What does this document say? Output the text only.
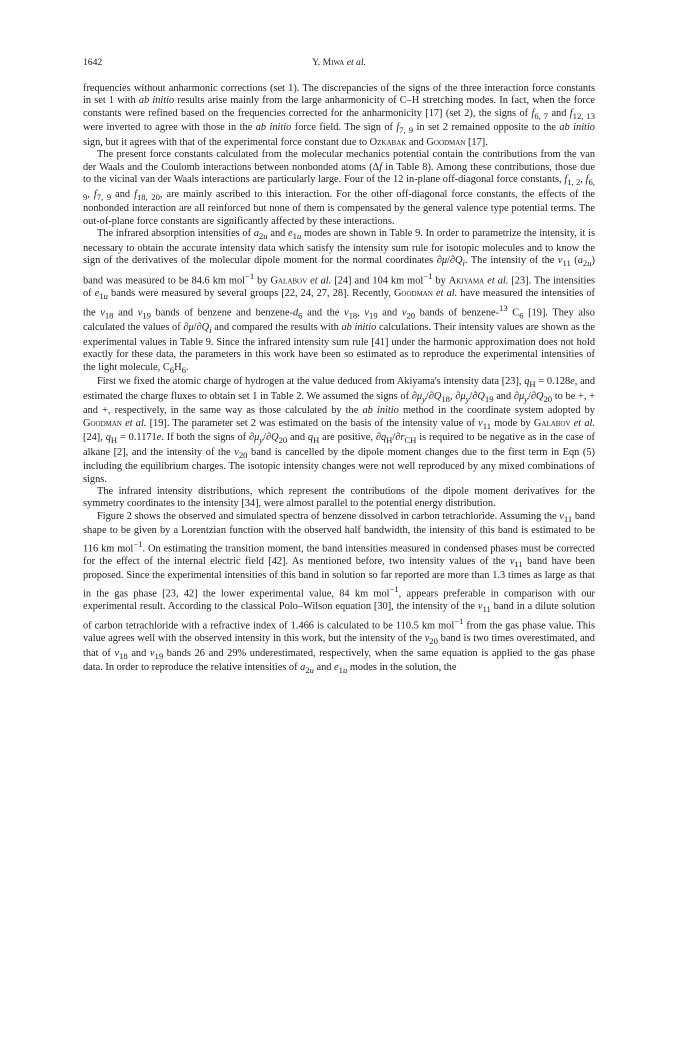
1642	Y. Miwa et al.

frequencies without anharmonic corrections (set 1). The discrepancies of the signs of the three interaction force constants in set 1 with ab initio results arise mainly from the large anharmonicity of C–H stretching modes. In fact, when the force constants were refined based on the frequencies corrected for the anharmonicity [17] (set 2), the signs of $f_{6, 7}$ and $f_{12, 13}$ were inverted to agree with those in the ab initio force field. The sign of $f_{7, 9}$ in set 2 remained opposite to the ab initio sign, but it agrees with that of the experimental force constant due to Ozkabak and Goodman [17].

The present force constants calculated from the molecular mechanics potential contain the contributions from the van der Waals and the Coulomb interactions between nonbonded atoms (Δf in Table 8). Among these contributions, those due to the vicinal van der Waals interactions are particularly large. Four of the 12 in-plane off-diagonal force constants, $f_{1, 2}$, $f_{6, 9}$, $f_{7, 9}$ and $f_{18, 20}$, are mainly ascribed to this interaction. For the other off-diagonal force constants, the effects of the nonbonded interaction are all reinforced but none of them is compensated by the general valence type potential terms. The out-of-plane force constants are significantly affected by these interactions.

The infrared absorption intensities of $a_{2u}$ and $e_{1u}$ modes are shown in Table 9. In order to parametrize the intensity, it is necessary to obtain the accurate intensity data which satisfy the intensity sum rule for isotopic molecules and to know the sign of the derivatives of the molecular dipole moment for the normal coordinates $\partial\mu/\partial Q_i$. The intensity of the $\nu_{11}$ $(a_{2u})$ band was measured to be 84.6 km mol$^{-1}$ by Galabov et al. [24] and 104 km mol$^{-1}$ by Akiyama et al. [23]. The intensities of $e_{1u}$ bands were measured by several groups [22, 24, 27, 28]. Recently, Goodman et al. have measured the intensities of the $\nu_{18}$ and $\nu_{19}$ bands of benzene and benzene-$d_6$ and the $\nu_{18}$, $\nu_{19}$ and $\nu_{20}$ bands of benzene-$^{13}$ $C_6$ [19]. They also calculated the values of $\partial\mu/\partial Q_i$ and compared the results with ab initio calculations. Their intensity values are shown as the experimental values in Table 9. Since the infrared intensity sum rule [41] under the harmonic approximation does not hold exactly for these data, the parameters in this work have been so estimated as to reproduce the experimental intensities of the light molecule, $C_6H_6$.

First we fixed the atomic charge of hydrogen at the value deduced from Akiyama's intensity data [23], $q_H = 0.128e$, and estimated the charge fluxes to obtain set 1 in Table 2. We assumed the signs of $\partial\mu_y/\partial Q_{18}$, $\partial\mu_y/\partial Q_{19}$ and $\partial\mu_y/\partial Q_{20}$ to be +, + and +, respectively, in the same way as those calculated by the ab initio method in the coordinate system adopted by Goodman et al. [19]. The parameter set 2 was estimated on the basis of the intensity value of $\nu_{11}$ mode by Galabov et al. [24], $q_H = 0.1171e$. If both the signs of $\partial\mu_y/\partial Q_{20}$ and $q_H$ are positive, $\partial q_H/\partial r_{CH}$ is required to be negative as in the case of alkane [2], and the intensity of the $\nu_{20}$ band is cancelled by the dipole moment changes due to the first term in Eqn (5) including the equilibrium charges. The isotopic intensity changes were not well reproduced by any mixed combinations of signs.

The infrared intensity distributions, which represent the contributions of the dipole moment derivatives for the symmetry coordinates to the intensity [34], were almost parallel to the potential energy distribution.

Figure 2 shows the observed and simulated spectra of benzene dissolved in carbon tetrachloride. Assuming the $\nu_{11}$ band shape to be given by a Lorentzian function with the observed half bandwidth, the intensity of this band is estimated to be 116 km mol$^{-1}$. On estimating the transition moment, the band intensities measured in condensed phases must be corrected for the effect of the internal electric field [42]. As mentioned before, two intensity values of the $\nu_{11}$ band have been proposed. Since the experimental intensities of this band in solution so far reported are more than 1.3 times as large as that in the gas phase [23, 42] the lower experimental value, 84 km mol$^{-1}$, appears preferable in comparison with our experimental result. According to the classical Polo–Wilson equation [30], the intensity of the $\nu_{11}$ band in a dilute solution of carbon tetrachloride with a refractive index of 1.466 is calculated to be 110.5 km mol$^{-1}$ from the gas phase value. This value agrees well with the observed intensity in this work, but the intensity of the $\nu_{20}$ band is two times overestimated, and that of $\nu_{18}$ and $\nu_{19}$ bands 26 and 29% underestimated, respectively, when the same equation is applied to the gas phase data. In order to reproduce the relative intensities of $a_{2u}$ and $e_{1u}$ modes in the solution, the
